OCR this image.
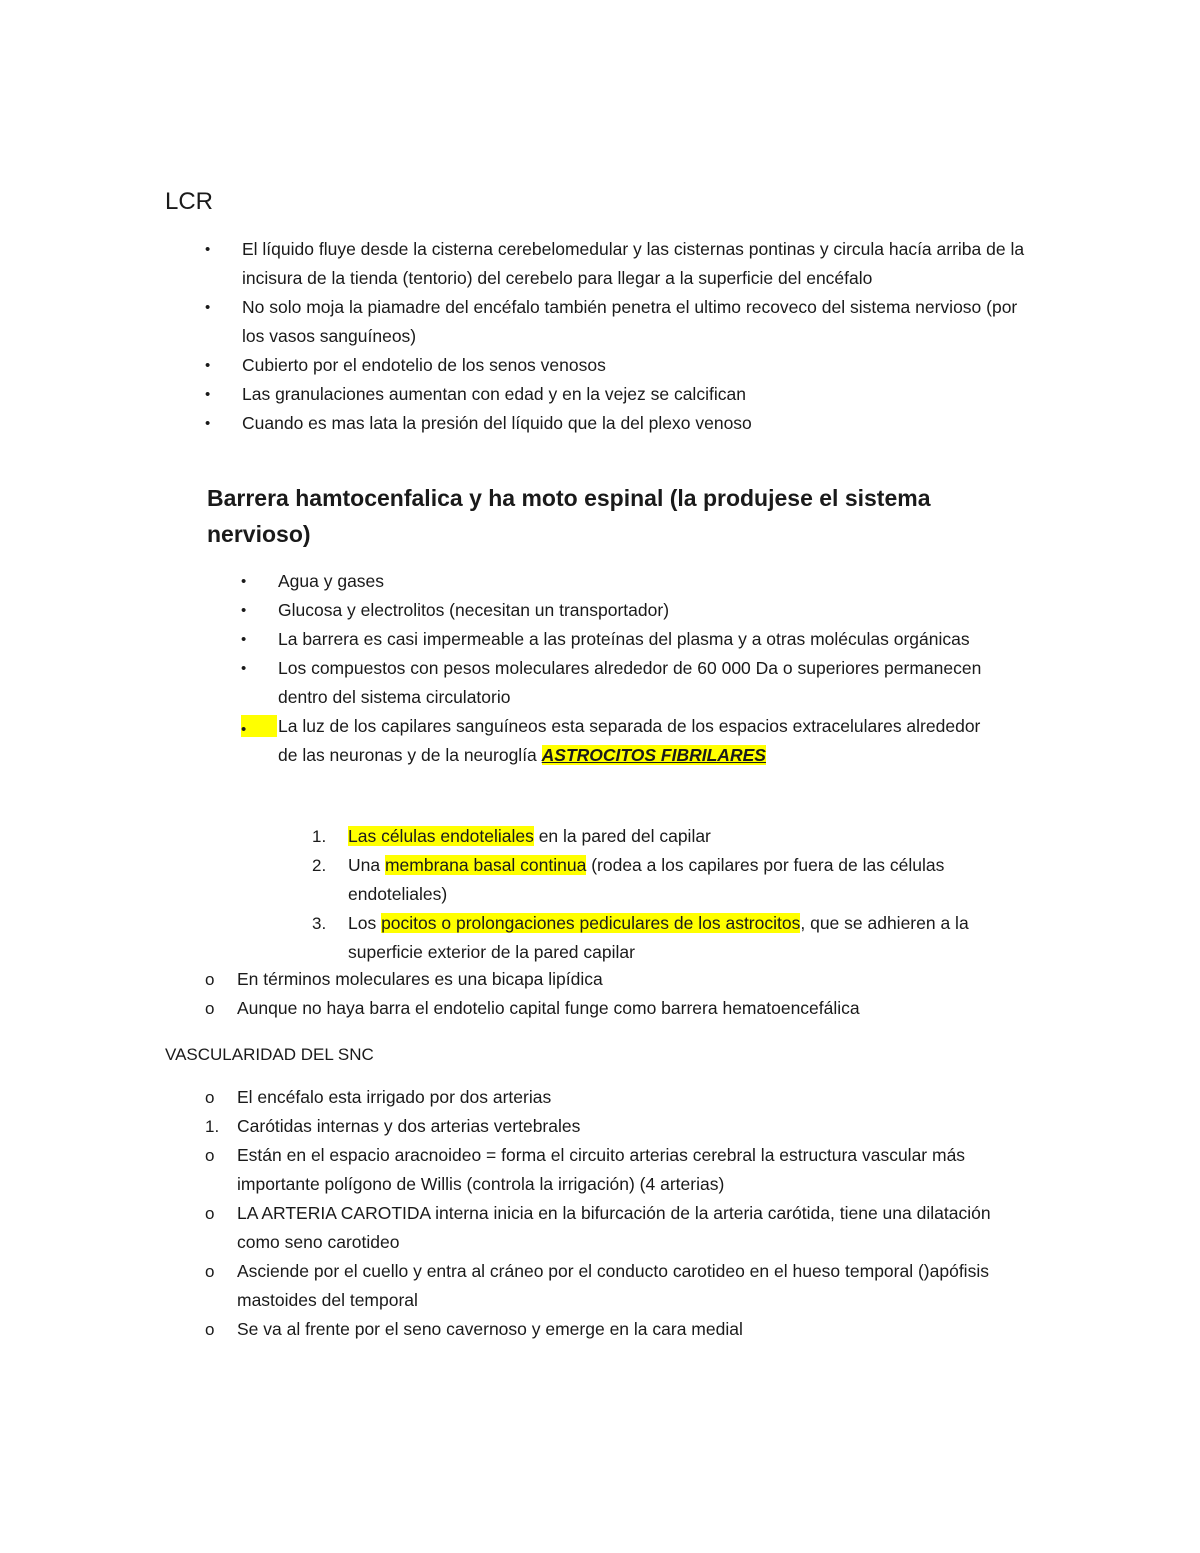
LCR
• El líquido fluye desde la cisterna cerebelomedular y las cisternas pontinas y circula hacía arriba de la incisura de la tienda (tentorio) del cerebelo para llegar a la superficie del encéfalo
• No solo moja la piamadre del encéfalo también penetra el ultimo recoveco del sistema nervioso (por los vasos sanguíneos)
• Cubierto por el endotelio de los senos venosos
• Las granulaciones aumentan con edad y en la vejez se calcifican
• Cuando es mas lata la presión del líquido que la del plexo venoso
Barrera hamtocenfalica y ha moto espinal (la produjese el sistema nervioso)
• Agua y gases
• Glucosa y electrolitos (necesitan un transportador)
• La barrera es casi impermeable a las proteínas del plasma y a otras moléculas orgánicas
• Los compuestos con pesos moleculares alrededor de 60 000 Da o superiores permanecen dentro del sistema circulatorio
•	La luz de los capilares sanguíneos esta separada de los espacios extracelulares alrededor de las neuronas y de la neuroglía ASTROCITOS FIBRILARES
1. Las células endoteliales en la pared del capilar
2. Una membrana basal continua (rodea a los capilares por fuera de las células endoteliales)
3. Los pocitos o prolongaciones pediculares de los astrocitos, que se adhieren a la superficie exterior de la pared capilar
o En términos moleculares es una bicapa lipídica
o Aunque no haya barra el endotelio capital funge como barrera hematoencefálica
VASCULARIDAD DEL SNC
o El encéfalo esta irrigado por dos arterias
1. Carótidas internas y dos arterias vertebrales
o Están en el espacio aracnoideo = forma el circuito arterias cerebral la estructura vascular más importante polígono de Willis (controla la irrigación) (4 arterias)
o LA ARTERIA CAROTIDA interna inicia en la bifurcación de la arteria carótida, tiene una dilatación como seno carotideo
o Asciende por el cuello y entra al cráneo por el conducto carotideo en el hueso temporal ()apófisis mastoides del temporal
o Se va al frente por el seno cavernoso y emerge en la cara medial
